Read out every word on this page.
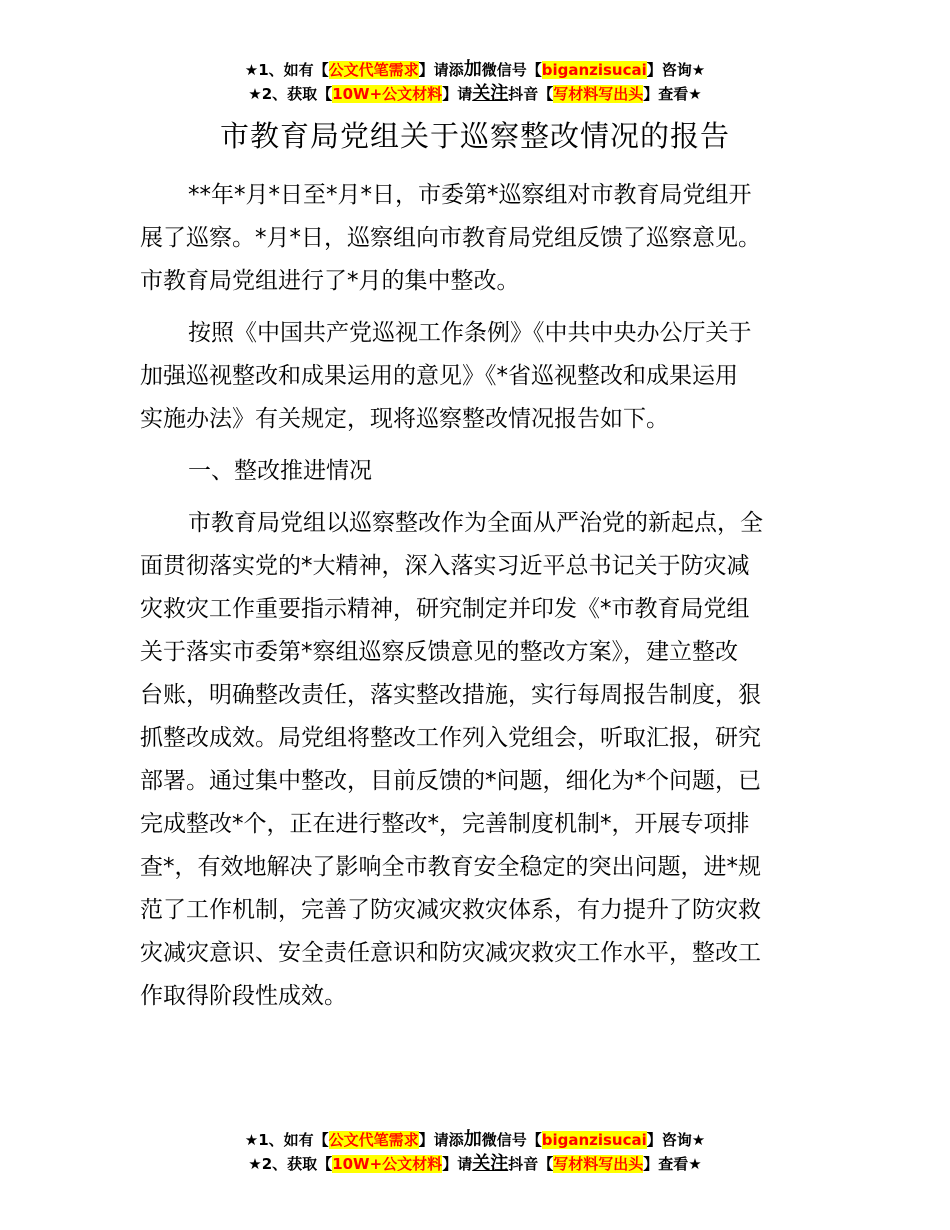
★1、如有【公文代笔需求】请添加微信号【biganzisucai】咨询★
★2、获取【10W+公文材料】请关注抖音【写材料写出头】查看★
市教育局党组关于巡察整改情况的报告
**年*月*日至*月*日，市委第*巡察组对市教育局党组开
展了巡察。*月*日，巡察组向市教育局党组反馈了巡察意见。
市教育局党组进行了*月的集中整改。
按照《中国共产党巡视工作条例》《中共中央办公厅关于
加强巡视整改和成果运用的意见》《*省巡视整改和成果运用
实施办法》有关规定，现将巡察整改情况报告如下。
一、整改推进情况
市教育局党组以巡察整改作为全面从严治党的新起点，全
面贯彻落实党的*大精神，深入落实习近平总书记关于防灾减
灾救灾工作重要指示精神，研究制定并印发《*市教育局党组
关于落实市委第*察组巡察反馈意见的整改方案》，建立整改
台账，明确整改责任，落实整改措施，实行每周报告制度，狠
抓整改成效。局党组将整改工作列入党组会，听取汇报，研究
部署。通过集中整改，目前反馈的*问题，细化为*个问题，已
完成整改*个，正在进行整改*，完善制度机制*，开展专项排
查*，有效地解决了影响全市教育安全稳定的突出问题，进*规
范了工作机制，完善了防灾减灾救灾体系，有力提升了防灾救
灾减灾意识、安全责任意识和防灾减灾救灾工作水平，整改工
作取得阶段性成效。
★1、如有【公文代笔需求】请添加微信号【biganzisucai】咨询★
★2、获取【10W+公文材料】请关注抖音【写材料写出头】查看★
